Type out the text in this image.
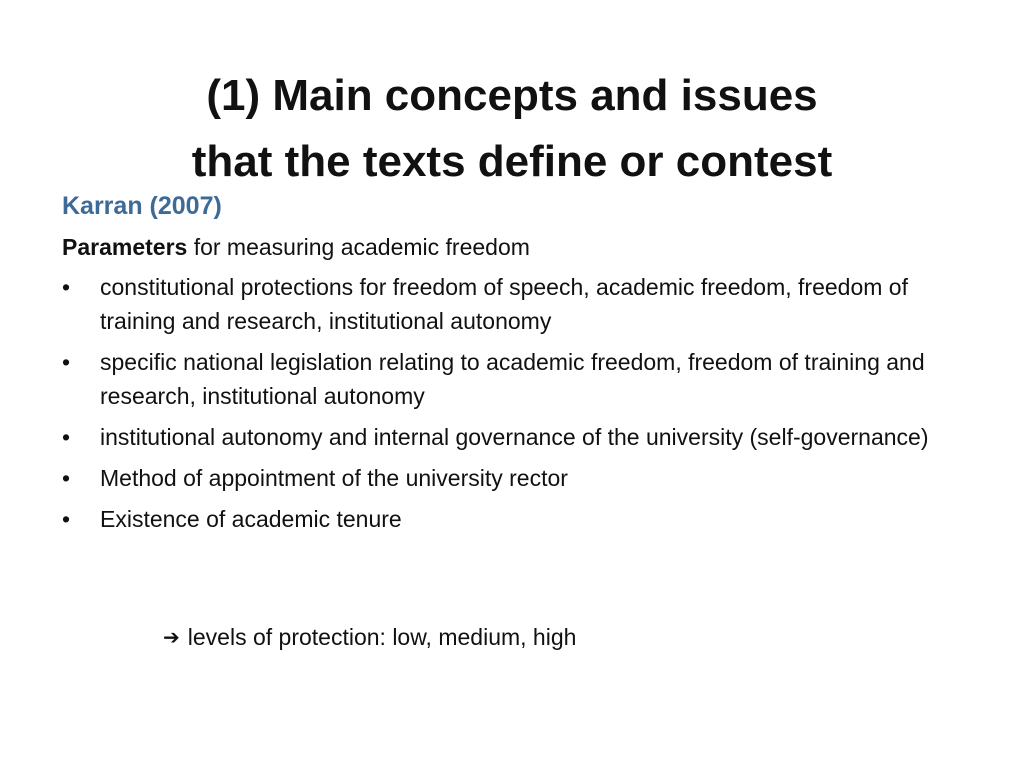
(1) Main concepts and issues
that the texts define or contest
Karran (2007)
Parameters for measuring academic freedom
• constitutional protections for freedom of speech, academic freedom, freedom of training and research, institutional autonomy
• specific national legislation relating to academic freedom, freedom of training and research, institutional autonomy
• institutional autonomy and internal governance of the university (self-governance)
• Method of appointment of the university rector
• Existence of academic tenure
➔ levels of protection: low, medium, high
